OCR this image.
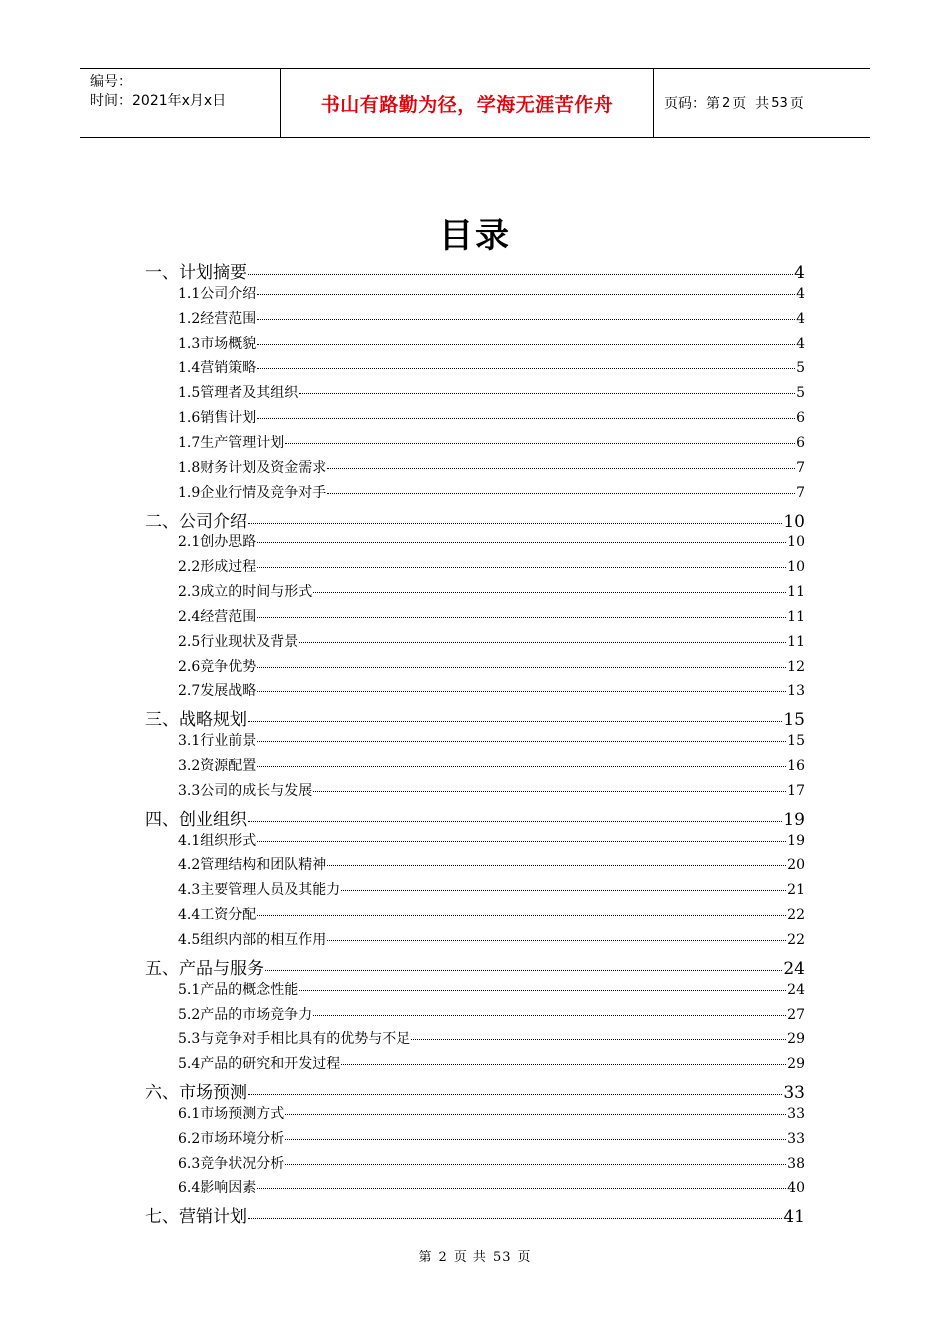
编号：
时间：2021年x月x日	书山有路勤为径，学海无涯苦作舟	页码：第 2 页  共 53 页
目录
一、计划摘要	4
1.1公司介绍	4
1.2经营范围	4
1.3市场概貌	4
1.4营销策略	5
1.5管理者及其组织	5
1.6销售计划	6
1.7生产管理计划	6
1.8财务计划及资金需求	7
1.9企业行情及竞争对手	7
二、公司介绍	10
2.1创办思路	10
2.2形成过程	10
2.3成立的时间与形式	11
2.4经营范围	11
2.5行业现状及背景	11
2.6竞争优势	12
2.7发展战略	13
三、战略规划	15
3.1行业前景	15
3.2资源配置	16
3.3公司的成长与发展	17
四、创业组织	19
4.1组织形式	19
4.2管理结构和团队精神	20
4.3主要管理人员及其能力	21
4.4工资分配	22
4.5组织内部的相互作用	22
五、产品与服务	24
5.1产品的概念性能	24
5.2产品的市场竞争力	27
5.3与竞争对手相比具有的优势与不足	29
5.4产品的研究和开发过程	29
六、市场预测	33
6.1市场预测方式	33
6.2市场环境分析	33
6.3竞争状况分析	38
6.4影响因素	40
七、营销计划	41
第 2 页 共 53 页
